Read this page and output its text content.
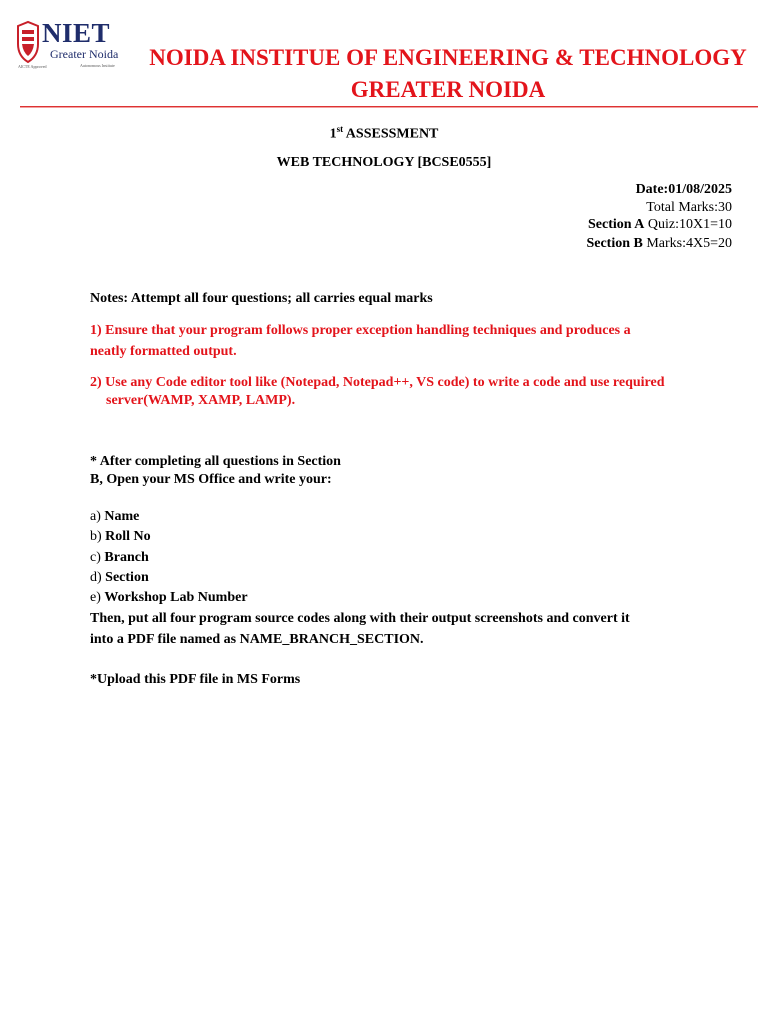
NIET
Greater Noida
AICTE Approved	Autonomous Institute NOIDA INSTITUE OF ENGINEERING & TECHNOLOGY
GREATER NOIDA
1st ASSESSMENT
WEB TECHNOLOGY [BCSE0555]
Date:01/08/2025
Total Marks:30
Section A Quiz:10X1=10
Section B Marks:4X5=20
Notes: Attempt all four questions; all carries equal marks
1) Ensure that your program follows proper exception handling techniques and produces a
neatly formatted output.
2) Use any Code editor tool like (Notepad, Notepad++, VS code) to write a code and use required
server(WAMP, XAMP, LAMP).
* After completing all questions in Section
B, Open your MS Office and write your:
a) Name
b) Roll No
c) Branch
d) Section
e) Workshop Lab Number
Then, put all four program source codes along with their output screenshots and convert it
into a PDF file named as NAME_BRANCH_SECTION.
*Upload this PDF file in MS Forms
